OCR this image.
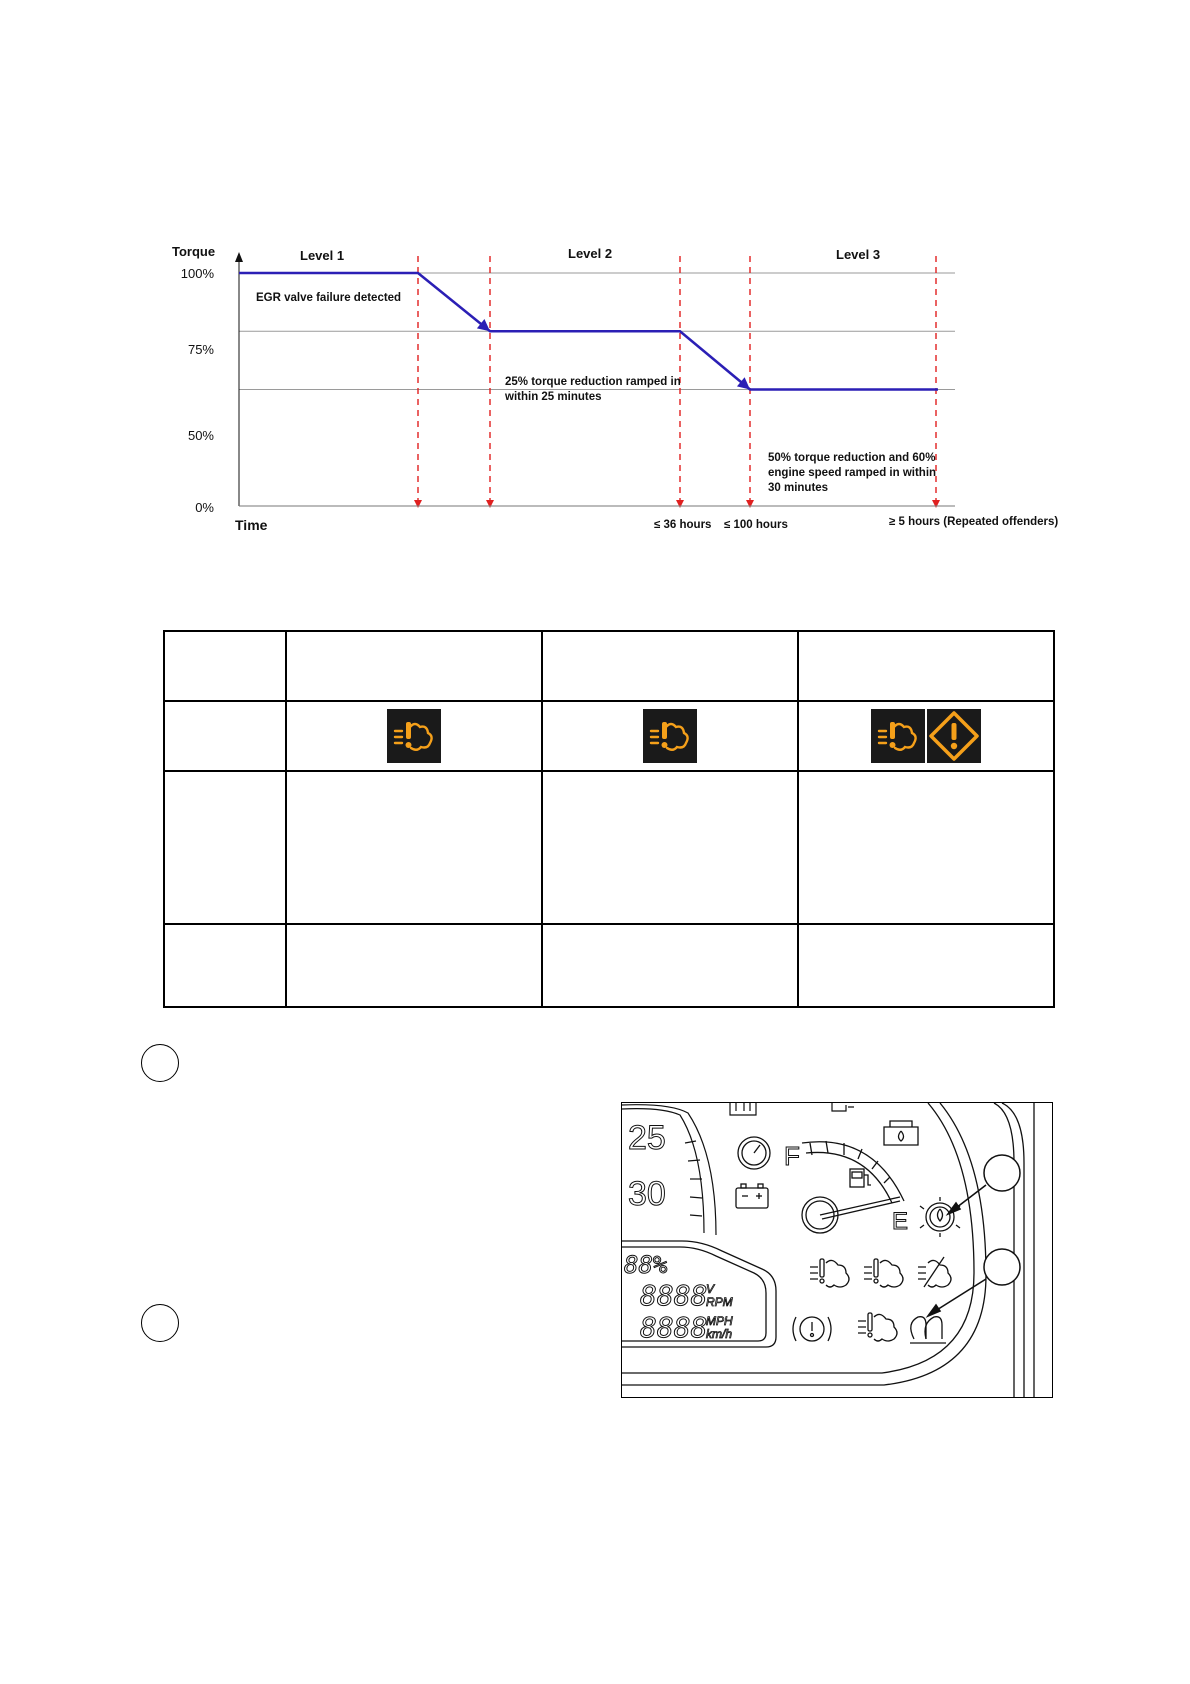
Torque
100%
75%
50%
0%
Time
Level 1	Level 2	Level 3
EGR valve failure detected
25% torque reduction ramped in
within 25 minutes
50% torque reduction and 60%
engine speed ramped in within
30 minutes
≤ 36 hours ≤ 100 hours	≥ 5 hours (Repeated offenders)

25
30
F
E
88%
8888
V
RPM
8888
MPH
km/h
